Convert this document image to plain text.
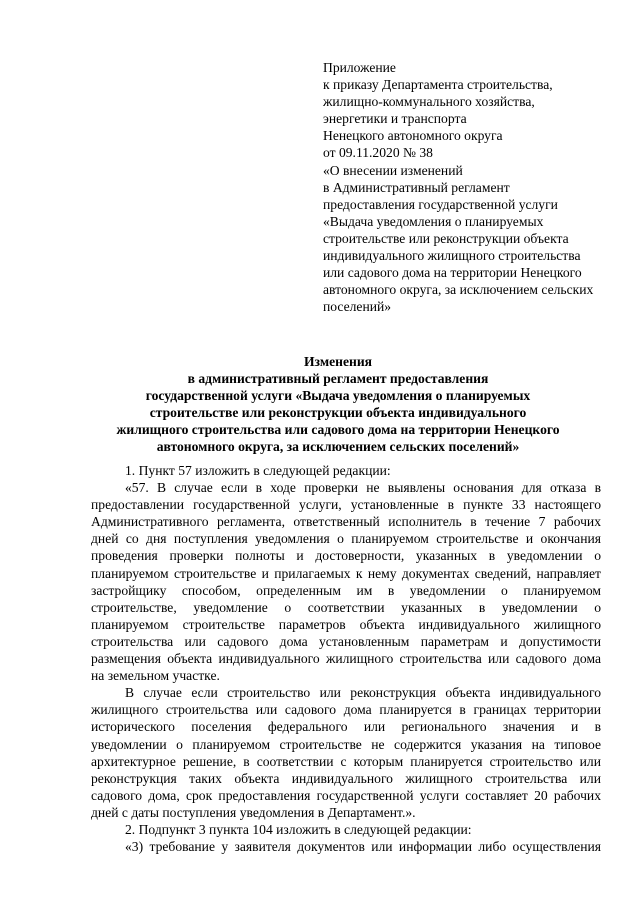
Приложение
к приказу Департамента строительства,
жилищно-коммунального хозяйства,
энергетики и транспорта
Ненецкого автономного округа
от 09.11.2020 № 38
«О внесении изменений
в Административный регламент
предоставления государственной услуги
«Выдача уведомления о планируемых
строительстве или реконструкции объекта
индивидуального жилищного строительства
или садового дома на территории Ненецкого
автономного округа, за исключением сельских
поселений»
Изменения
в административный регламент предоставления
государственной услуги «Выдача уведомления о планируемых
строительстве или реконструкции объекта индивидуального
жилищного строительства или садового дома на территории Ненецкого
автономного округа, за исключением сельских поселений»
1. Пункт 57 изложить в следующей редакции:
«57. В случае если в ходе проверки не выявлены основания для отказа в
предоставлении государственной услуги, установленные в пункте 33 настоящего
Административного регламента, ответственный исполнитель в течение 7 рабочих
дней со дня поступления уведомления о планируемом строительстве и окончания
проведения проверки полноты и достоверности, указанных в уведомлении о
планируемом строительстве и прилагаемых к нему документах сведений, направляет
застройщику способом, определенным им в уведомлении о планируемом
строительстве, уведомление о соответствии указанных в уведомлении о
планируемом строительстве параметров объекта индивидуального жилищного
строительства или садового дома установленным параметрам и допустимости
размещения объекта индивидуального жилищного строительства или садового дома
на земельном участке.
В случае если строительство или реконструкция объекта индивидуального
жилищного строительства или садового дома планируется в границах территории
исторического поселения федерального или регионального значения и в
уведомлении о планируемом строительстве не содержится указания на типовое
архитектурное решение, в соответствии с которым планируется строительство или
реконструкция таких объекта индивидуального жилищного строительства или
садового дома, срок предоставления государственной услуги составляет 20 рабочих
дней с даты поступления уведомления в Департамент.».
2. Подпункт 3 пункта 104 изложить в следующей редакции:
«3) требование у заявителя документов или информации либо осуществления
